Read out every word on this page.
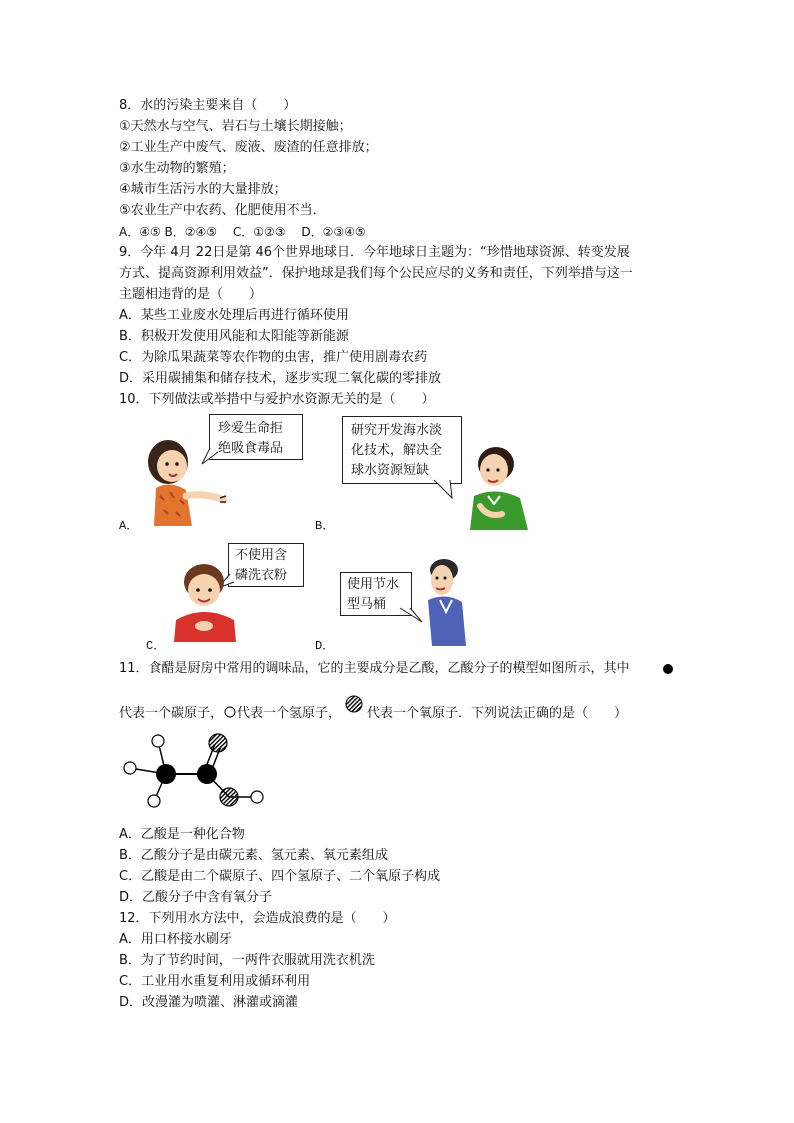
8．水的污染主要来自（　　）
①天然水与空气、岩石与土壤长期接触；
②工业生产中废气、废液、废渣的任意排放；
③水生动物的繁殖；
④城市生活污水的大量排放；
⑤农业生产中农药、化肥使用不当．
A．④⑤ B．②④⑤　 C．①②③　 D．②③④⑤
9．今年 4月 22日是第 46个世界地球日．今年地球日主题为：“珍惜地球资源、转变发展
方式、提高资源利用效益”．保护地球是我们每个公民应尽的义务和责任，下列举措与这一
主题相违背的是（　　）
A．某些工业废水处理后再进行循环使用
B．积极开发使用风能和太阳能等新能源
C．为除瓜果蔬菜等农作物的虫害，推广使用剧毒农药
D．采用碳捕集和储存技术，逐步实现二氧化碳的零排放
10．下列做法或举措中与爱护水资源无关的是（　　）
珍爱生命拒
绝吸食毒品
A．
研究开发海水淡
化技术，解决全
球水资源短缺
B．
不使用含
磷洗衣粉
C．
使用节水
型马桶
D．
11．食醋是厨房中常用的调味品，它的主要成分是乙酸，乙酸分子的模型如图所示，其中
代表一个碳原子， 代表一个氢原子， 代表一个氧原子．下列说法正确的是（　　）
A．乙酸是一种化合物
B．乙酸分子是由碳元素、氢元素、氧元素组成
C．乙酸是由二个碳原子、四个氢原子、二个氧原子构成
D．乙酸分子中含有氧分子
12．下列用水方法中，会造成浪费的是（　　）
A．用口杯接水刷牙
B．为了节约时间，一两件衣服就用洗衣机洗
C．工业用水重复利用或循环利用
D．改漫灌为喷灌、淋灌或滴灌
